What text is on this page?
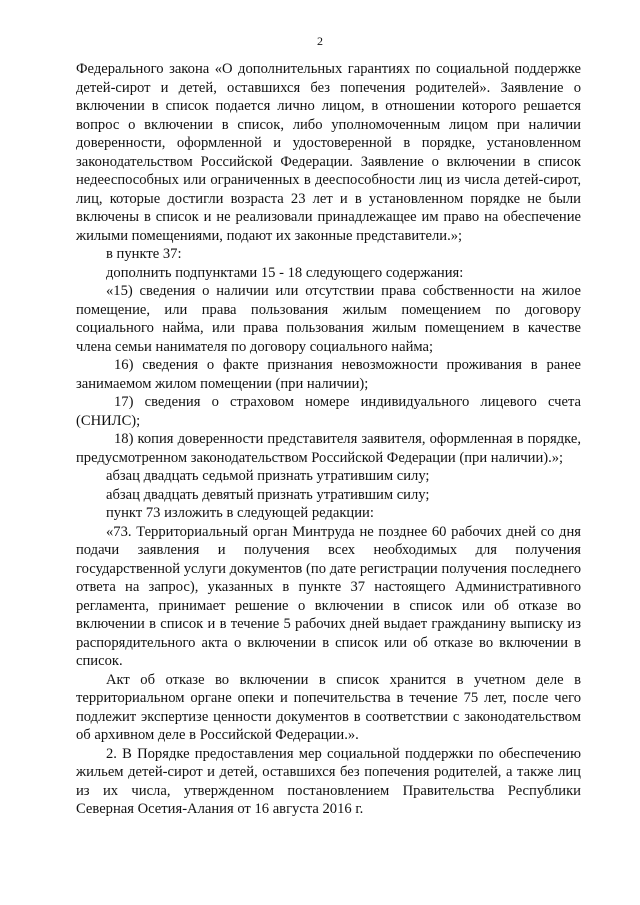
2

Федерального закона «О дополнительных гарантиях по социальной поддержке детей-сирот и детей, оставшихся без попечения родителей». Заявление о включении в список подается лично лицом, в отношении которого решается вопрос о включении в список, либо уполномоченным лицом при наличии доверенности, оформленной и удостоверенной в порядке, установленном законодательством Российской Федерации. Заявление о включении в список недееспособных или ограниченных в дееспособности лиц из числа детей-сирот, лиц, которые достигли возраста 23 лет и в установленном порядке не были включены в список и не реализовали принадлежащее им право на обеспечение жилыми помещениями, подают их законные представители.»;

в пункте 37:

дополнить подпунктами 15 - 18 следующего содержания:

«15) сведения о наличии или отсутствии права собственности на жилое помещение, или права пользования жилым помещением по договору социального найма, или права пользования жилым помещением в качестве члена семьи нанимателя по договору социального найма;

16) сведения о факте признания невозможности проживания в ранее занимаемом жилом помещении (при наличии);

17) сведения о страховом номере индивидуального лицевого счета (СНИЛС);

18) копия доверенности представителя заявителя, оформленная в порядке, предусмотренном законодательством Российской Федерации (при наличии).»;

абзац двадцать седьмой признать утратившим силу;

абзац двадцать девятый признать утратившим силу;

пункт 73 изложить в следующей редакции:

«73. Территориальный орган Минтруда не позднее 60 рабочих дней со дня подачи заявления и получения всех необходимых для получения государственной услуги документов (по дате регистрации получения последнего ответа на запрос), указанных в пункте 37 настоящего Административного регламента, принимает решение о включении в список или об отказе во включении в список и в течение 5 рабочих дней выдает гражданину выписку из распорядительного акта о включении в список или об отказе во включении в список.

Акт об отказе во включении в список хранится в учетном деле в территориальном органе опеки и попечительства в течение 75 лет, после чего подлежит экспертизе ценности документов в соответствии с законодательством об архивном деле в Российской Федерации.».

2. В Порядке предоставления мер социальной поддержки по обеспечению жильем детей-сирот и детей, оставшихся без попечения родителей, а также лиц из их числа, утвержденном постановлением Правительства Республики Северная Осетия-Алания от 16 августа 2016 г.
